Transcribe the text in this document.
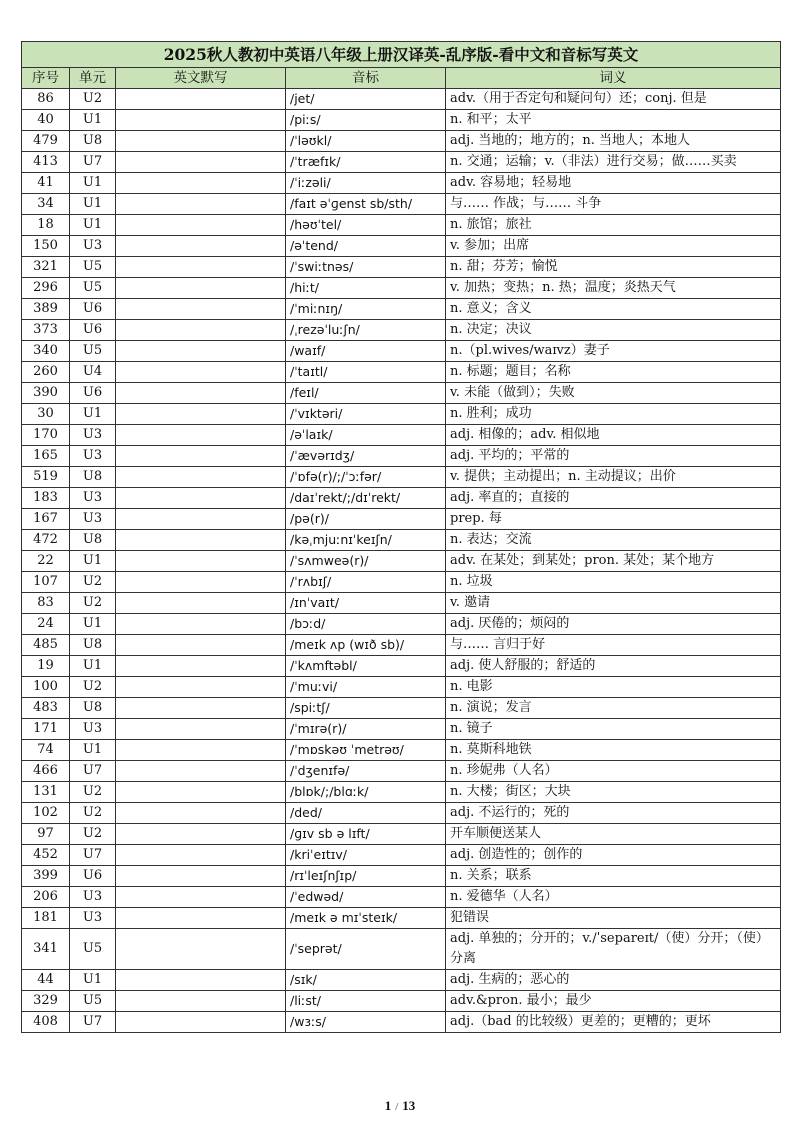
2025秋人教初中英语八年级上册汉译英-乱序版-看中文和音标写英文				
序号	单元	英文默写	音标	词义
86	U2		/jet/	adv.（用于否定句和疑问句）还；conj. 但是
40	U1		/piːs/	n. 和平；太平
479	U8		/ˈləʊkl/	adj. 当地的；地方的；n. 当地人；本地人
413	U7		/ˈtræfɪk/	n. 交通；运输；v.（非法）进行交易；做……买卖
41	U1		/ˈiːzəli/	adv. 容易地；轻易地
34	U1		/faɪt əˈɡenst sb/sth/	与…… 作战；与…… 斗争
18	U1		/həʊˈtel/	n. 旅馆；旅社
150	U3		/əˈtend/	v. 参加；出席
321	U5		/ˈswiːtnəs/	n. 甜；芬芳；愉悦
296	U5		/hiːt/	v. 加热；变热；n. 热；温度；炎热天气
389	U6		/ˈmiːnɪŋ/	n. 意义；含义
373	U6		/ˌrezəˈluːʃn/	n. 决定；决议
340	U5		/waɪf/	n.（pl.wives/waɪvz）妻子
260	U4		/ˈtaɪtl/	n. 标题；题目；名称
390	U6		/feɪl/	v. 未能（做到）；失败
30	U1		/ˈvɪktəri/	n. 胜利；成功
170	U3		/əˈlaɪk/	adj. 相像的；adv. 相似地
165	U3		/ˈævərɪdʒ/	adj. 平均的；平常的
519	U8		/ˈɒfə(r)/;/ˈɔːfər/	v. 提供；主动提出；n. 主动提议；出价
183	U3		/daɪˈrekt/;/dɪˈrekt/	adj. 率直的；直接的
167	U3		/pə(r)/	prep. 每
472	U8		/kəˌmjuːnɪˈkeɪʃn/	n. 表达；交流
22	U1		/ˈsʌmweə(r)/	adv. 在某处；到某处；pron. 某处；某个地方
107	U2		/ˈrʌbɪʃ/	n. 垃圾
83	U2		/ɪnˈvaɪt/	v. 邀请
24	U1		/bɔːd/	adj. 厌倦的；烦闷的
485	U8		/meɪk ʌp (wɪð sb)/	与…… 言归于好
19	U1		/ˈkʌmftəbl/	adj. 使人舒服的；舒适的
100	U2		/ˈmuːvi/	n. 电影
483	U8		/spiːtʃ/	n. 演说；发言
171	U3		/ˈmɪrə(r)/	n. 镜子
74	U1		/ˈmɒskəʊ ˈmetrəʊ/	n. 莫斯科地铁
466	U7		/ˈdʒenɪfə/	n. 珍妮弗（人名）
131	U2		/blɒk/;/blɑːk/	n. 大楼；街区；大块
102	U2		/ded/	adj. 不运行的；死的
97	U2		/ɡɪv sb ə lɪft/	开车顺便送某人
452	U7		/kriˈeɪtɪv/	adj. 创造性的；创作的
399	U6		/rɪˈleɪʃnʃɪp/	n. 关系；联系
206	U3		/ˈedwəd/	n. 爱德华（人名）
181	U3		/meɪk ə mɪˈsteɪk/	犯错误
341	U5		/ˈseprət/	adj. 单独的；分开的；v./ˈsepareɪt/（使）分开；（使）分离
44	U1		/sɪk/	adj. 生病的；恶心的
329	U5		/liːst/	adv.&pron. 最小；最少
408	U7		/wɜːs/	adj.（bad 的比较级）更差的；更糟的；更坏
1 / 13
